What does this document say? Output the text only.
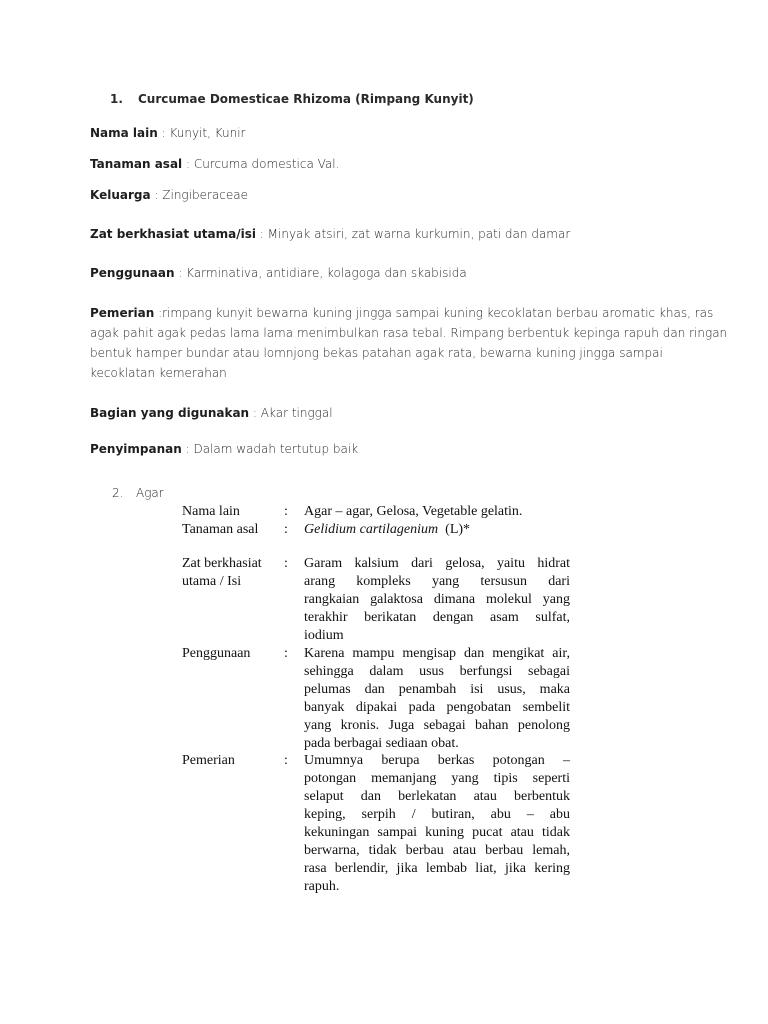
1. Curcumae Domesticae Rhizoma (Rimpang Kunyit)
Nama lain : Kunyit, Kunir
Tanaman asal : Curcuma domestica Val.
Keluarga : Zingiberaceae
Zat berkhasiat utama/isi : Minyak atsiri, zat warna kurkumin, pati dan damar
Penggunaan : Karminativa, antidiare, kolagoga dan skabisida
Pemerian :rimpang kunyit bewarna kuning jingga sampai kuning kecoklatan berbau aromatic khas, ras
agak pahit agak pedas lama lama menimbulkan rasa tebal. Rimpang berbentuk kepinga rapuh dan ringan
bentuk hamper bundar atau lomnjong bekas patahan agak rata, bewarna kuning jingga sampai
kecoklatan kemerahan
Bagian yang digunakan : Akar tinggal
Penyimpanan : Dalam wadah tertutup baik
2. Agar
Nama lain	:	Agar – agar, Gelosa, Vegetable gelatin.
Tanaman asal	:	Gelidium cartilagenium  (L)*
Zat berkhasiat
utama / Isi
:	Garam kalsium dari gelosa, yaitu hidrat
arang kompleks yang tersusun dari
rangkaian galaktosa dimana molekul yang
terakhir berikatan dengan asam sulfat,
iodium
Penggunaan	:	Karena mampu mengisap dan mengikat air,
sehingga dalam usus berfungsi sebagai
pelumas dan penambah isi usus, maka
banyak dipakai pada pengobatan sembelit
yang kronis. Juga sebagai bahan penolong
pada berbagai sediaan obat.
Pemerian	:	Umumnya berupa berkas potongan –
potongan memanjang yang tipis seperti
selaput dan berlekatan atau berbentuk
keping, serpih / butiran, abu – abu
kekuningan sampai kuning pucat atau tidak
berwarna, tidak berbau atau berbau lemah,
rasa berlendir, jika lembab liat, jika kering
rapuh.
